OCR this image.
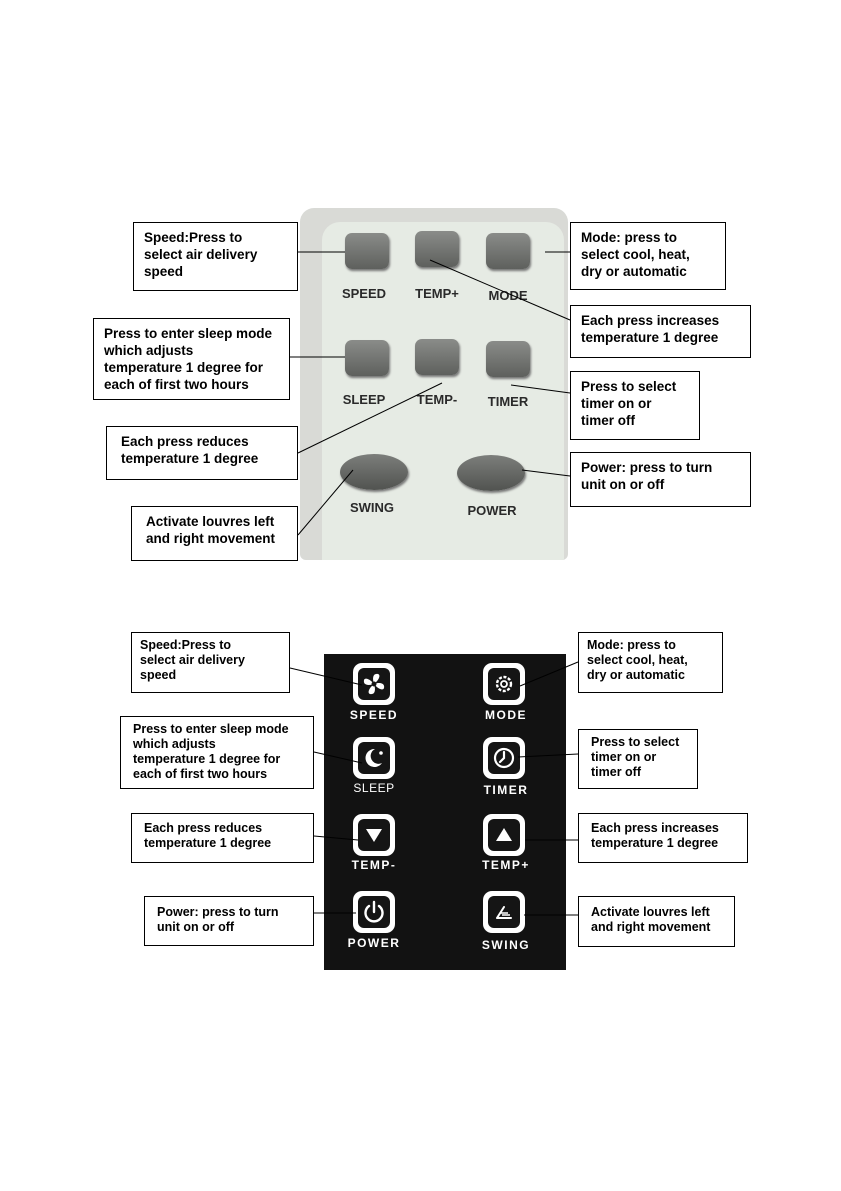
SPEED TEMP+ MODE
SLEEP TEMP- TIMER
SWING	POWER
SPEED	MODE
SLEEP	TIMER
TEMP-	TEMP+
POWER	SWING
Speed:Press to
select air delivery
speed
Mode: press to
select cool, heat,
dry or automatic
Each press increases
temperature 1 degree
Press to enter sleep mode
which adjusts
temperature 1 degree for
each of first two hours	Press to select
timer on or
timer off
Each press reduces
temperature 1 degree
Power: press to turn
unit on or off
Activate louvres left
and right movement
Speed:Press to
select air delivery
speed
Mode: press to
select cool, heat,
dry or automatic
Press to enter sleep mode
which adjusts
temperature 1 degree for
each of first two hours
Press to select
timer on or
timer off
Each press reduces
temperature 1 degree
Each press increases
temperature 1 degree
Power: press to turn
unit on or off
Activate louvres left
and right movement
